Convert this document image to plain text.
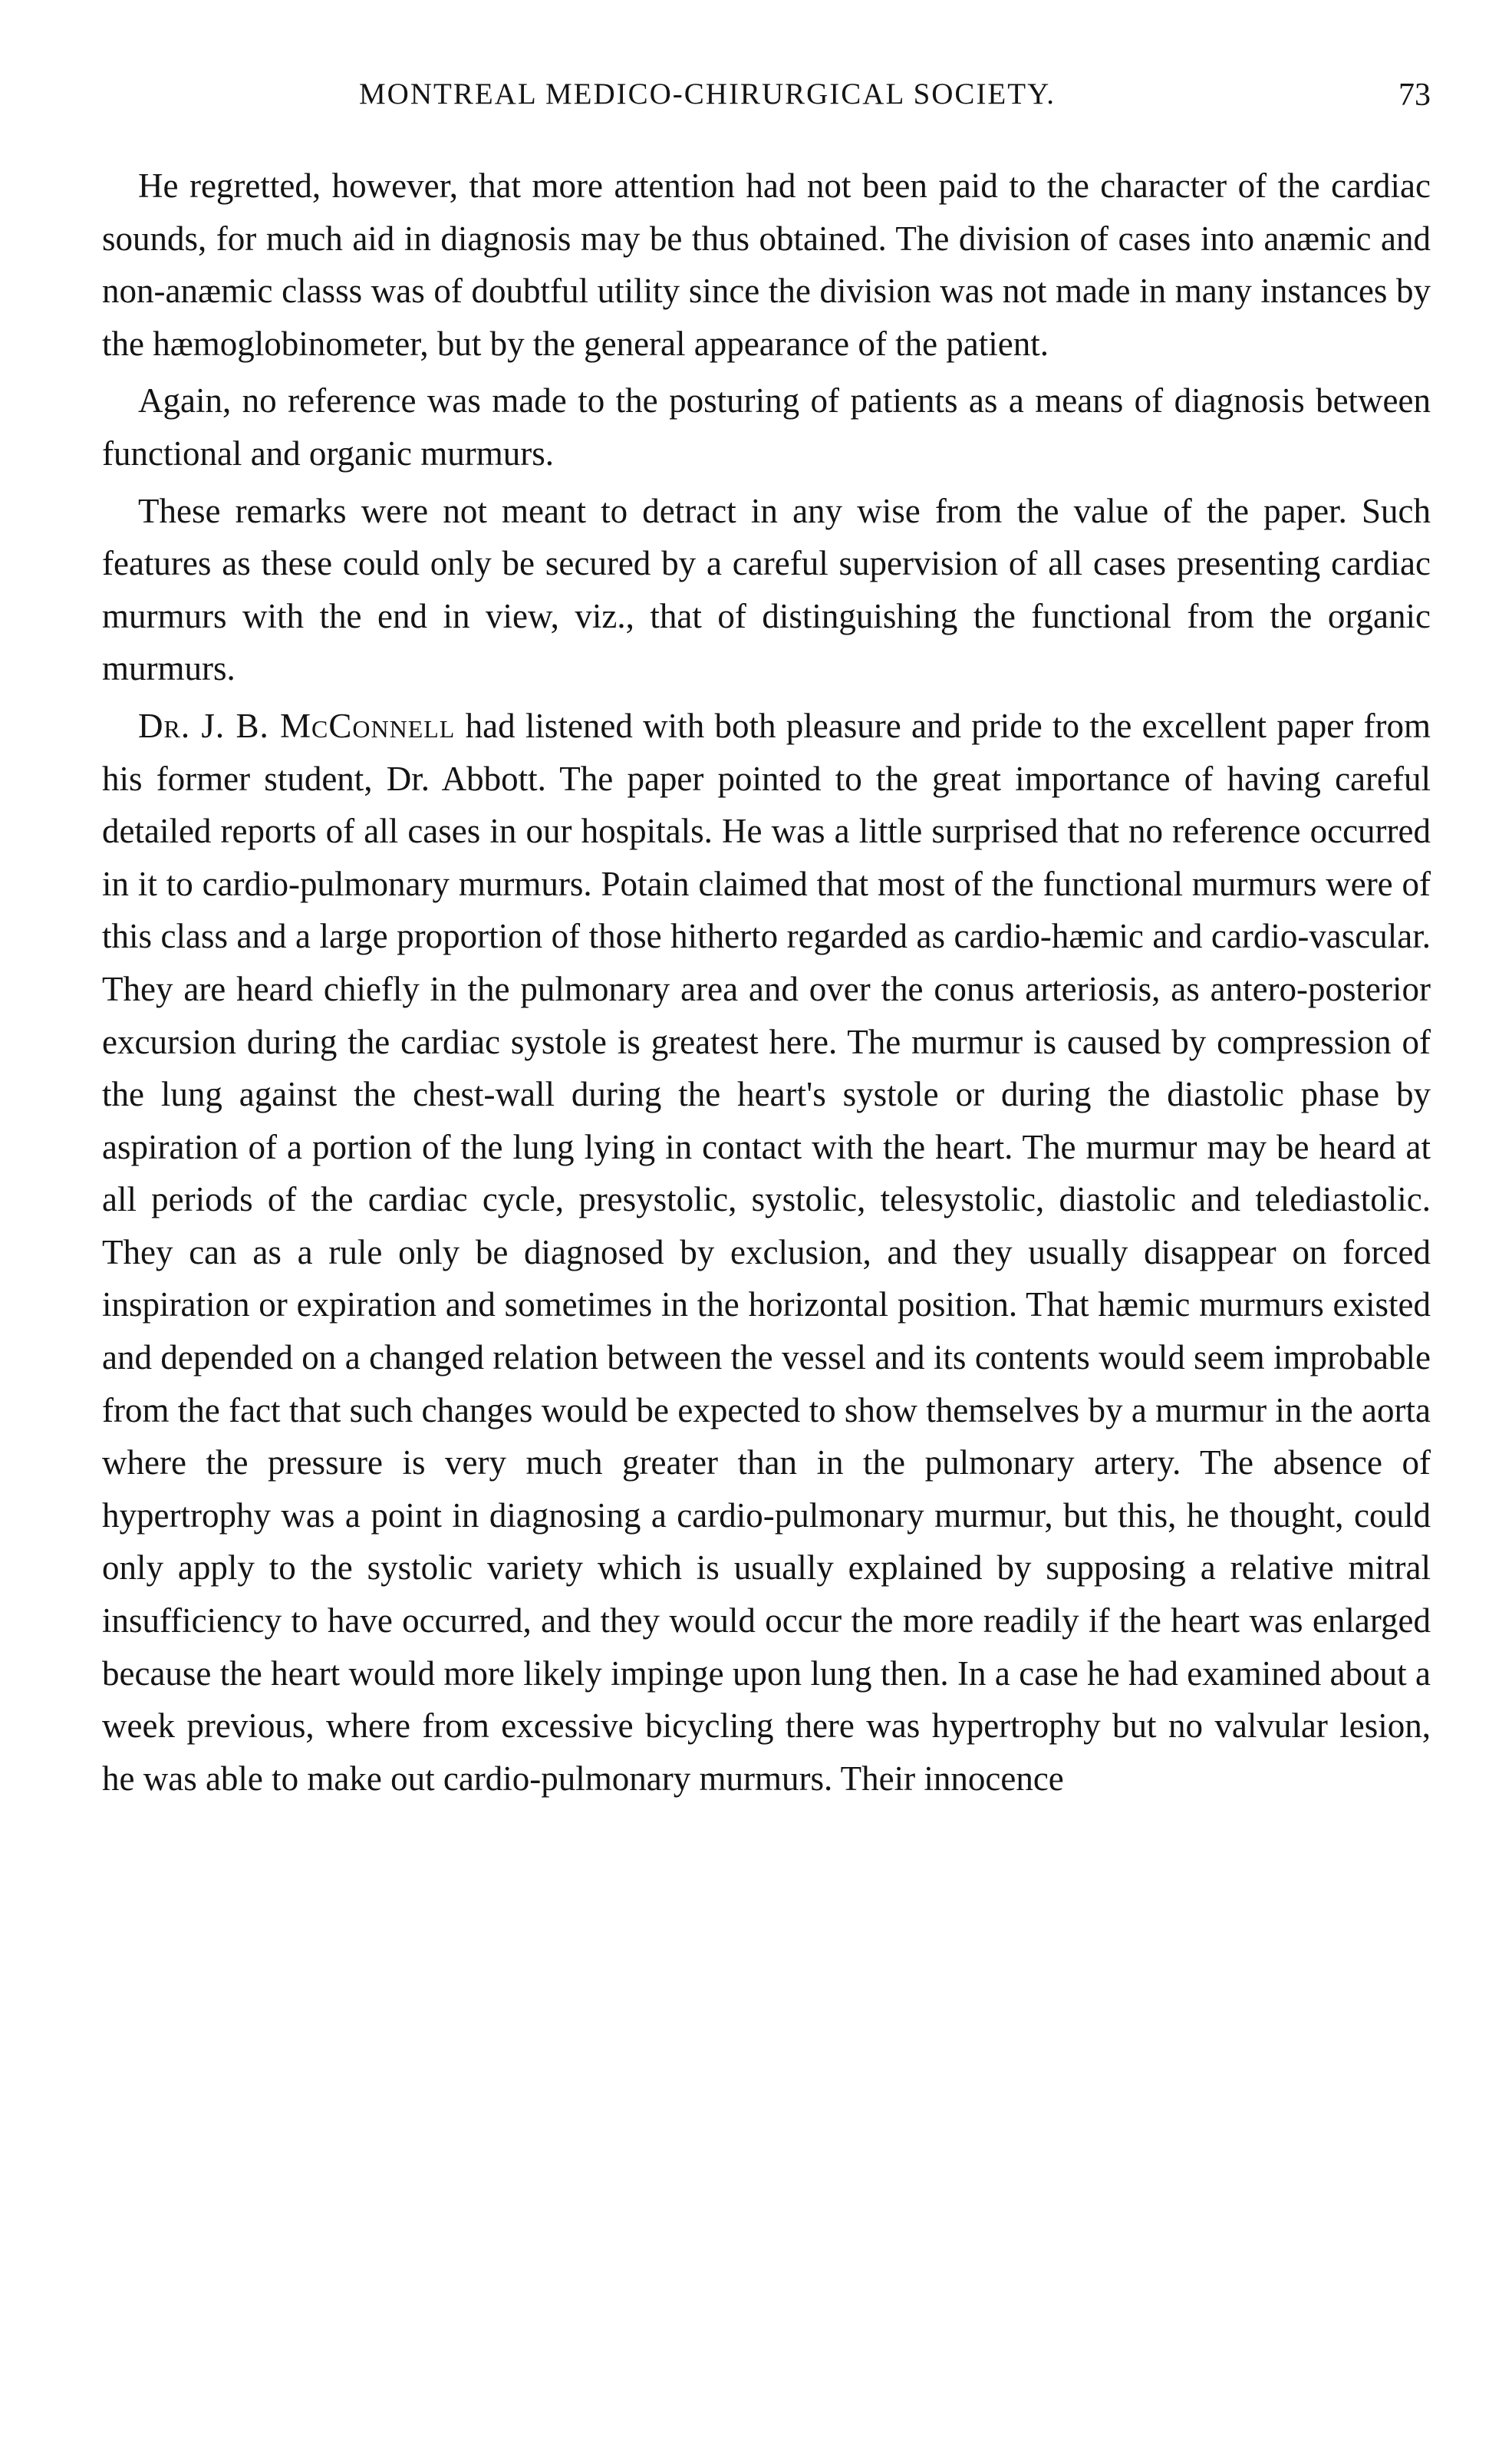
MONTREAL MEDICO-CHIRURGICAL SOCIETY.	73

He regretted, however, that more attention had not been paid to the character of the cardiac sounds, for much aid in diagnosis may be thus obtained. The division of cases into anæmic and non-anæmic classs was of doubtful utility since the division was not made in many instances by the hæmoglobinometer, but by the general appearance of the patient.

Again, no reference was made to the posturing of patients as a means of diagnosis between functional and organic murmurs.

These remarks were not meant to detract in any wise from the value of the paper. Such features as these could only be secured by a careful supervision of all cases presenting cardiac murmurs with the end in view, viz., that of distinguishing the functional from the organic murmurs.

Dr. J. B. McConnell had listened with both pleasure and pride to the excellent paper from his former student, Dr. Abbott. The paper pointed to the great importance of having careful detailed reports of all cases in our hospitals. He was a little surprised that no reference occurred in it to cardio-pulmonary murmurs. Potain claimed that most of the functional murmurs were of this class and a large proportion of those hitherto regarded as cardio-hæmic and cardio-vascular. They are heard chiefly in the pulmonary area and over the conus arteriosis, as antero-posterior excursion during the cardiac systole is greatest here. The murmur is caused by compression of the lung against the chest-wall during the heart's systole or during the diastolic phase by aspiration of a portion of the lung lying in contact with the heart. The murmur may be heard at all periods of the cardiac cycle, presystolic, systolic, telesystolic, diastolic and telediastolic. They can as a rule only be diagnosed by exclusion, and they usually disappear on forced inspiration or expiration and sometimes in the horizontal position. That hæmic murmurs existed and depended on a changed relation between the vessel and its contents would seem improbable from the fact that such changes would be expected to show themselves by a murmur in the aorta where the pressure is very much greater than in the pulmonary artery. The absence of hypertrophy was a point in diagnosing a cardio-pulmonary murmur, but this, he thought, could only apply to the systolic variety which is usually explained by supposing a relative mitral insufficiency to have occurred, and they would occur the more readily if the heart was enlarged because the heart would more likely impinge upon lung then. In a case he had examined about a week previous, where from excessive bicycling there was hypertrophy but no valvular lesion, he was able to make out cardio-pulmonary murmurs. Their innocence
